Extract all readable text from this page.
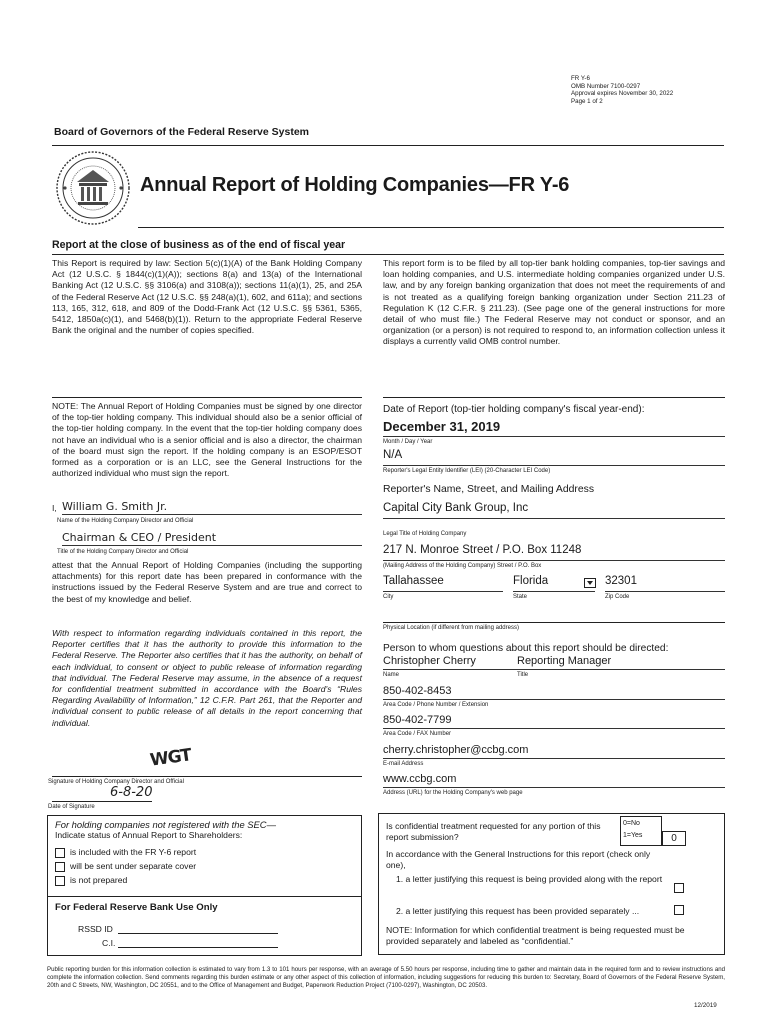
FR Y-6
OMB Number 7100-0297
Approval expires November 30, 2022
Page 1 of 2
Board of Governors of the Federal Reserve System
Annual Report of Holding Companies—FR Y-6
Report at the close of business as of the end of fiscal year
This Report is required by law: Section 5(c)(1)(A) of the Bank Holding Company Act (12 U.S.C. § 1844(c)(1)(A)); sections 8(a) and 13(a) of the International Banking Act (12 U.S.C. §§ 3106(a) and 3108(a)); sections 11(a)(1), 25, and 25A of the Federal Reserve Act (12 U.S.C. §§ 248(a)(1), 602, and 611a); and sections 113, 165, 312, 618, and 809 of the Dodd-Frank Act (12 U.S.C. §§ 5361, 5365, 5412, 1850a(c)(1), and 5468(b)(1)). Return to the appropriate Federal Reserve Bank the original and the number of copies specified.
This report form is to be filed by all top-tier bank holding companies, top-tier savings and loan holding companies, and U.S. intermediate holding companies organized under U.S. law, and by any foreign banking organization that does not meet the requirements of and is not treated as a qualifying foreign banking organization under Section 211.23 of Regulation K (12 C.F.R. § 211.23). (See page one of the general instructions for more detail of who must file.) The Federal Reserve may not conduct or sponsor, and an organization (or a person) is not required to respond to, an information collection unless it displays a currently valid OMB control number.
NOTE: The Annual Report of Holding Companies must be signed by one director of the top-tier holding company. This individual should also be a senior official of the top-tier holding company. In the event that the top-tier holding company does not have an individual who is a senior official and is also a director, the chairman of the board must sign the report. If the holding company is an ESOP/ESOT formed as a corporation or is an LLC, see the General Instructions for the authorized individual who must sign the report.
I, William G. Smith Jr.
Name of the Holding Company Director and Official
Chairman & CEO / President
Title of the Holding Company Director and Official
attest that the Annual Report of Holding Companies (including the supporting attachments) for this report date has been prepared in conformance with the instructions issued by the Federal Reserve System and are true and correct to the best of my knowledge and belief.
With respect to information regarding individuals contained in this report, the Reporter certifies that it has the authority to provide this information to the Federal Reserve. The Reporter also certifies that it has the authority, on behalf of each individual, to consent or object to public release of information regarding that individual. The Federal Reserve may assume, in the absence of a request for confidential treatment submitted in accordance with the Board's “Rules Regarding Availability of Information,” 12 C.F.R. Part 261, that the Reporter and individual consent to public release of all details in the report concerning that individual.
WGT
Signature of Holding Company Director and Official
6-8-20
Date of Signature
For holding companies not registered with the SEC—
Indicate status of Annual Report to Shareholders:
is included with the FR Y-6 report
will be sent under separate cover
is not prepared
For Federal Reserve Bank Use Only
RSSD ID
C.I.
Date of Report (top-tier holding company's fiscal year-end):
December 31, 2019
Month / Day / Year
N/A
Reporter's Legal Entity Identifier (LEI) (20-Character LEI Code)
Reporter's Name, Street, and Mailing Address
Capital City Bank Group, Inc
Legal Title of Holding Company
217 N. Monroe Street / P.O. Box 11248
(Mailing Address of the Holding Company) Street / P.O. Box
Tallahassee	Florida	32301
City	State	Zip Code
Physical Location (if different from mailing address)
Person to whom questions about this report should be directed:
Christopher Cherry	Reporting Manager
Name	Title
850-402-8453
Area Code / Phone Number / Extension
850-402-7799
Area Code / FAX Number
cherry.christopher@ccbg.com
E-mail Address
www.ccbg.com
Address (URL) for the Holding Company's web page
Is confidential treatment requested for any portion of this report submission?
0=No
1=Yes	0
In accordance with the General Instructions for this report (check only one),
1. a letter justifying this request is being provided along with the report
2. a letter justifying this request has been provided separately ...
NOTE: Information for which confidential treatment is being requested must be provided separately and labeled as “confidential.”
Public reporting burden for this information collection is estimated to vary from 1.3 to 101 hours per response, with an average of 5.50 hours per response, including time to gather and maintain data in the required form and to review instructions and complete the information collection. Send comments regarding this burden estimate or any other aspect of this collection of information, including suggestions for reducing this burden to: Secretary, Board of Governors of the Federal Reserve System, 20th and C Streets, NW, Washington, DC 20551, and to the Office of Management and Budget, Paperwork Reduction Project (7100-0297), Washington, DC 20503.
12/2019
